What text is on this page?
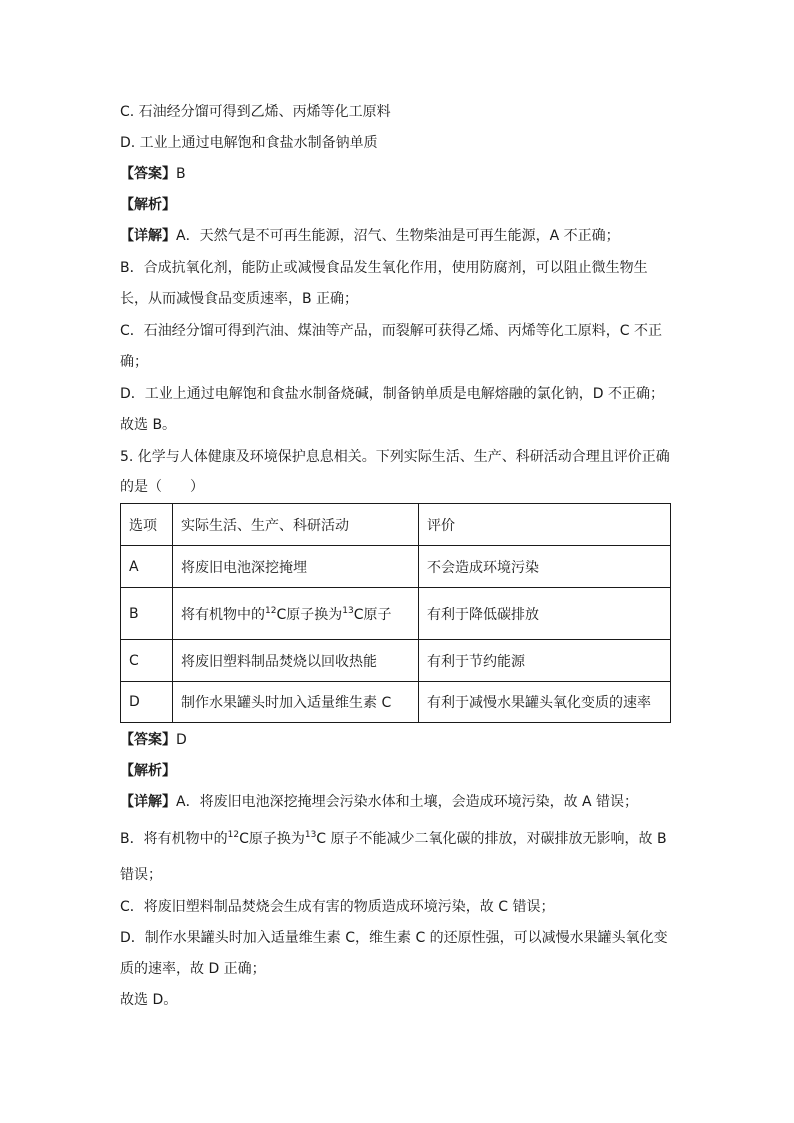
C. 石油经分馏可得到乙烯、丙烯等化工原料
D. 工业上通过电解饱和食盐水制备钠单质
【答案】B
【解析】
【详解】A．天然气是不可再生能源，沼气、生物柴油是可再生能源，A 不正确；
B．合成抗氧化剂，能防止或减慢食品发生氧化作用，使用防腐剂，可以阻止微生物生
长，从而减慢食品变质速率，B 正确；
C．石油经分馏可得到汽油、煤油等产品，而裂解可获得乙烯、丙烯等化工原料，C 不正
确；
D．工业上通过电解饱和食盐水制备烧碱，制备钠单质是电解熔融的氯化钠，D 不正确；
故选 B。
5. 化学与人体健康及环境保护息息相关。下列实际生活、生产、科研活动合理且评价正确
的是（　　）
选项	实际生活、生产、科研活动	评价
A	将废旧电池深挖掩埋	不会造成环境污染
B	将有机物中的$^{12}$C原子换为$^{13}$C原子	有利于降低碳排放
C	将废旧塑料制品焚烧以回收热能	有利于节约能源
D	制作水果罐头时加入适量维生素 C	有利于减慢水果罐头氧化变质的速率
【答案】D
【解析】
【详解】A．将废旧电池深挖掩埋会污染水体和土壤，会造成环境污染，故 A 错误；
B．将有机物中的$^{12}$C原子换为$^{13}$C 原子不能减少二氧化碳的排放，对碳排放无影响，故 B
错误；
C．将废旧塑料制品焚烧会生成有害的物质造成环境污染，故 C 错误；
D．制作水果罐头时加入适量维生素 C，维生素 C 的还原性强，可以减慢水果罐头氧化变
质的速率，故 D 正确；
故选 D。
